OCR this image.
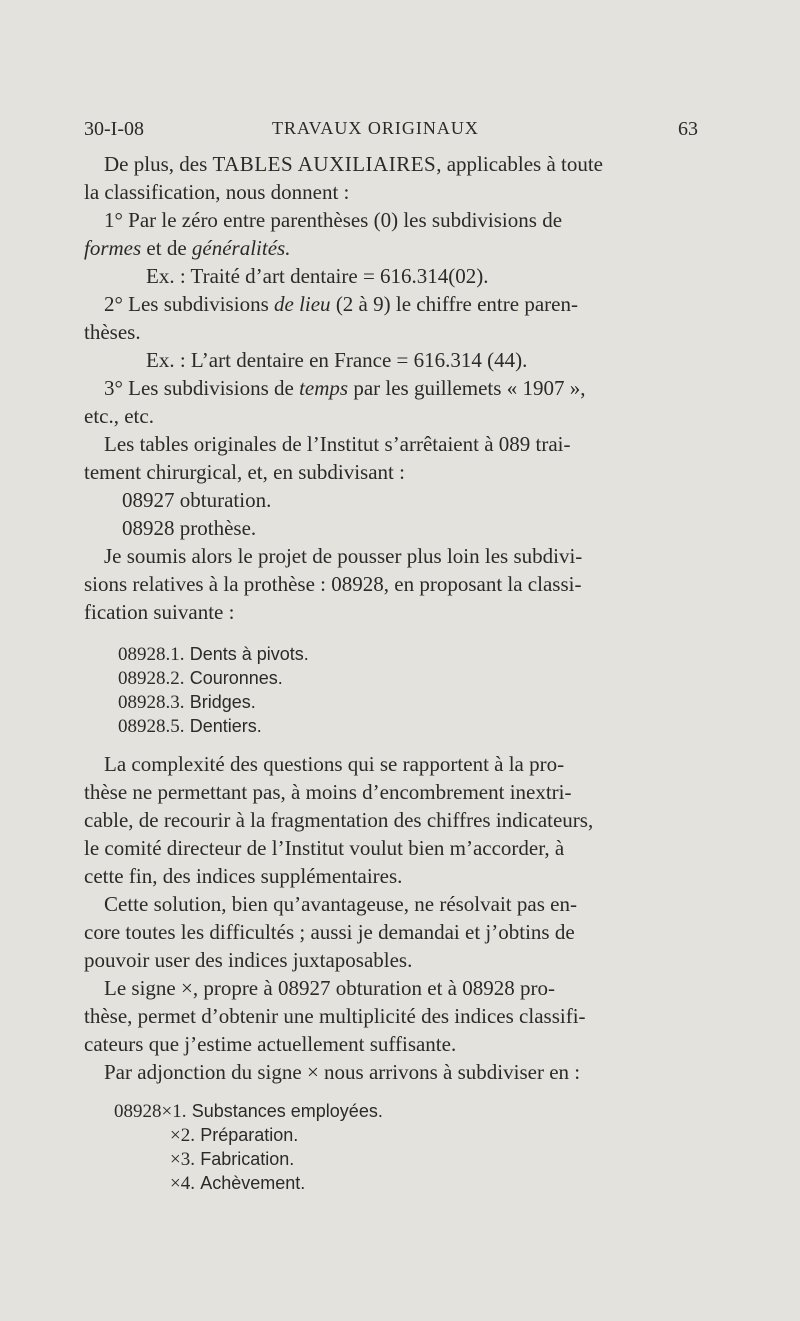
30-I-08	TRAVAUX ORIGINAUX	63
De plus, des TABLES AUXILIAIRES, applicables à toute
la classification, nous donnent :
1° Par le zéro entre parenthèses (0) les subdivisions de
formes et de généralités.
Ex. : Traité d’art dentaire = 616.314(02).
2° Les subdivisions de lieu (2 à 9) le chiffre entre paren-
thèses.
Ex. : L’art dentaire en France = 616.314 (44).
3° Les subdivisions de temps par les guillemets « 1907 »,
etc., etc.
Les tables originales de l’Institut s’arrêtaient à 089 trai-
tement chirurgical, et, en subdivisant :
08927 obturation.
08928 prothèse.
Je soumis alors le projet de pousser plus loin les subdivi-
sions relatives à la prothèse : 08928, en proposant la classi-
fication suivante :
08928.1. Dents à pivots.
08928.2. Couronnes.
08928.3. Bridges.
08928.5. Dentiers.
La complexité des questions qui se rapportent à la pro-
thèse ne permettant pas, à moins d’encombrement inextri-
cable, de recourir à la fragmentation des chiffres indicateurs,
le comité directeur de l’Institut voulut bien m’accorder, à
cette fin, des indices supplémentaires.
Cette solution, bien qu’avantageuse, ne résolvait pas en-
core toutes les difficultés ; aussi je demandai et j’obtins de
pouvoir user des indices juxtaposables.
Le signe ×, propre à 08927 obturation et à 08928 pro-
thèse, permet d’obtenir une multiplicité des indices classifi-
cateurs que j’estime actuellement suffisante.
Par adjonction du signe × nous arrivons à subdiviser en :
08928×1. Substances employées.
×2. Préparation.
×3. Fabrication.
×4. Achèvement.
